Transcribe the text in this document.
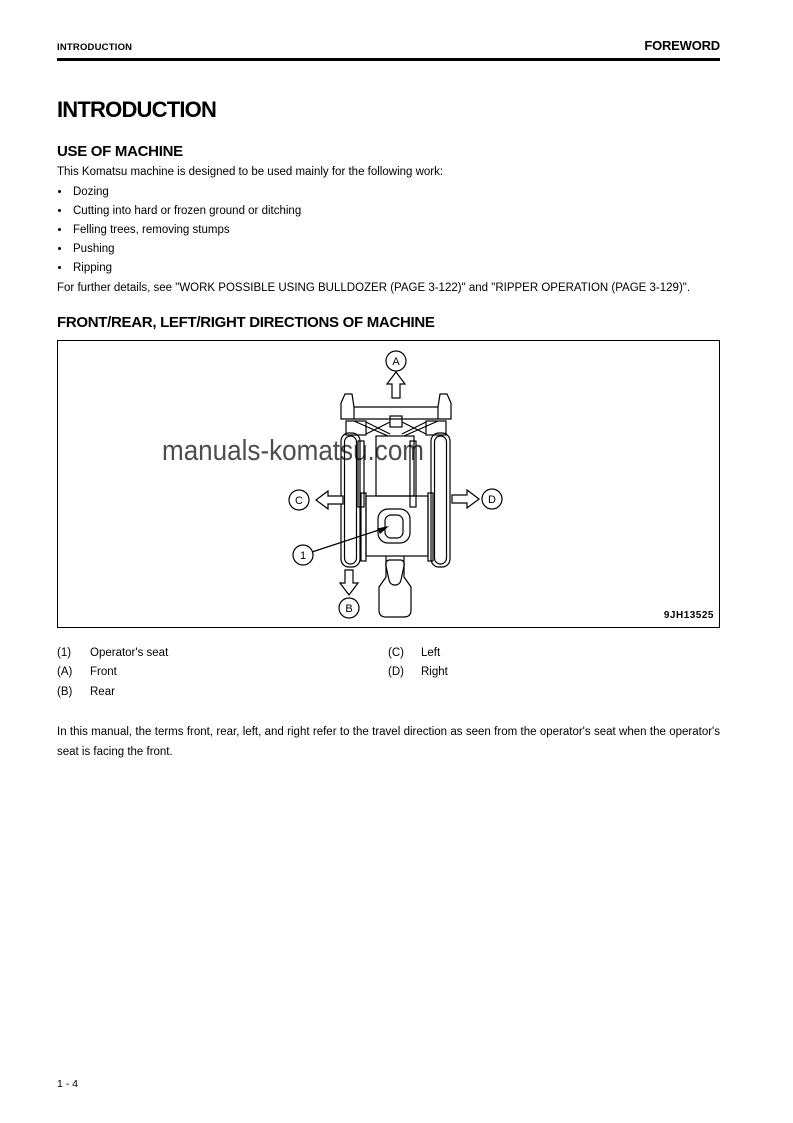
INTRODUCTION	FOREWORD
INTRODUCTION
USE OF MACHINE

This Komatsu machine is designed to be used mainly for the following work:

• Dozing
• Cutting into hard or frozen ground or ditching
• Felling trees, removing stumps
• Pushing
• Ripping

For further details, see "WORK POSSIBLE USING BULLDOZER (PAGE 3-122)" and "RIPPER OPERATION (PAGE 3-129)".

FRONT/REAR, LEFT/RIGHT DIRECTIONS OF MACHINE
manuals-komatsu.com
A
B
C	D
1
9JH13525
(1)	Operator's seat
(A)	Front
(B)	Rear
(C)	Left
(D)	Right

In this manual, the terms front, rear, left, and right refer to the travel direction as seen from the operator's seat when the operator's seat is facing the front.

1 - 4
